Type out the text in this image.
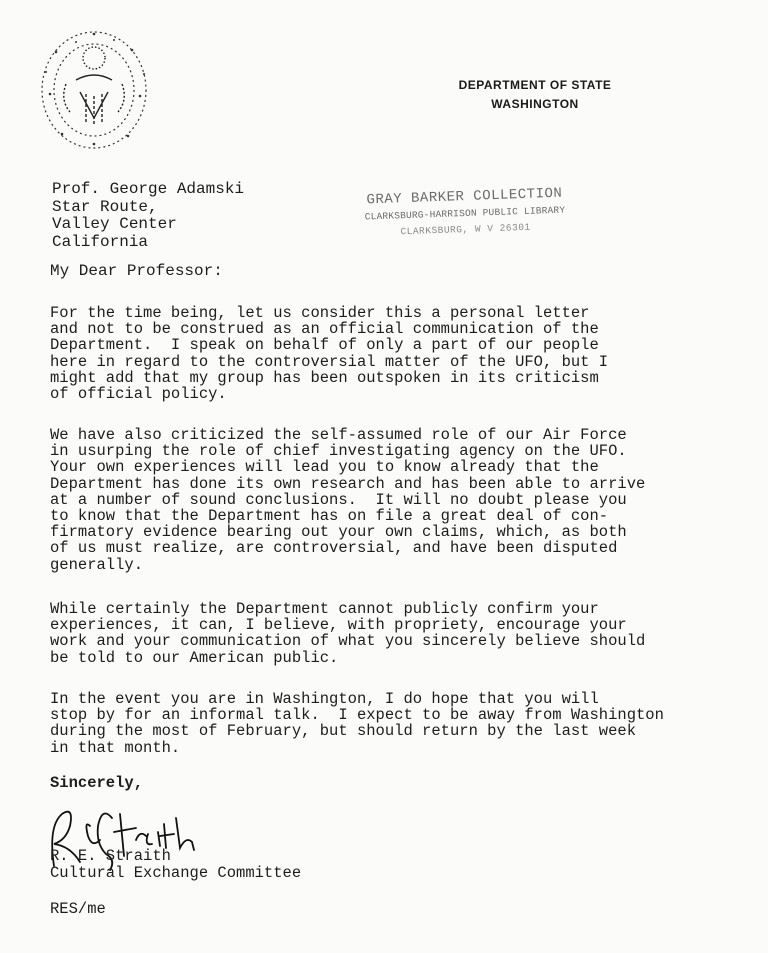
DEPARTMENT OF STATE
WASHINGTON
Prof. George Adamski
Star Route,
Valley Center
California
GRAY BARKER COLLECTION
CLARKSBURG-HARRISON PUBLIC LIBRARY
CLARKSBURG, W V 26301
My Dear Professor:
For the time being, let us consider this a personal letter
and not to be construed as an official communication of the
Department.  I speak on behalf of only a part of our people
here in regard to the controversial matter of the UFO, but I
might add that my group has been outspoken in its criticism
of official policy.
We have also criticized the self-assumed role of our Air Force
in usurping the role of chief investigating agency on the UFO.
Your own experiences will lead you to know already that the
Department has done its own research and has been able to arrive
at a number of sound conclusions.  It will no doubt please you
to know that the Department has on file a great deal of con-
firmatory evidence bearing out your own claims, which, as both
of us must realize, are controversial, and have been disputed
generally.
While certainly the Department cannot publicly confirm your
experiences, it can, I believe, with propriety, encourage your
work and your communication of what you sincerely believe should
be told to our American public.
In the event you are in Washington, I do hope that you will
stop by for an informal talk.  I expect to be away from Washington
during the most of February, but should return by the last week
in that month.
Sincerely,
R. E. Straith
Cultural Exchange Committee
RES/me
